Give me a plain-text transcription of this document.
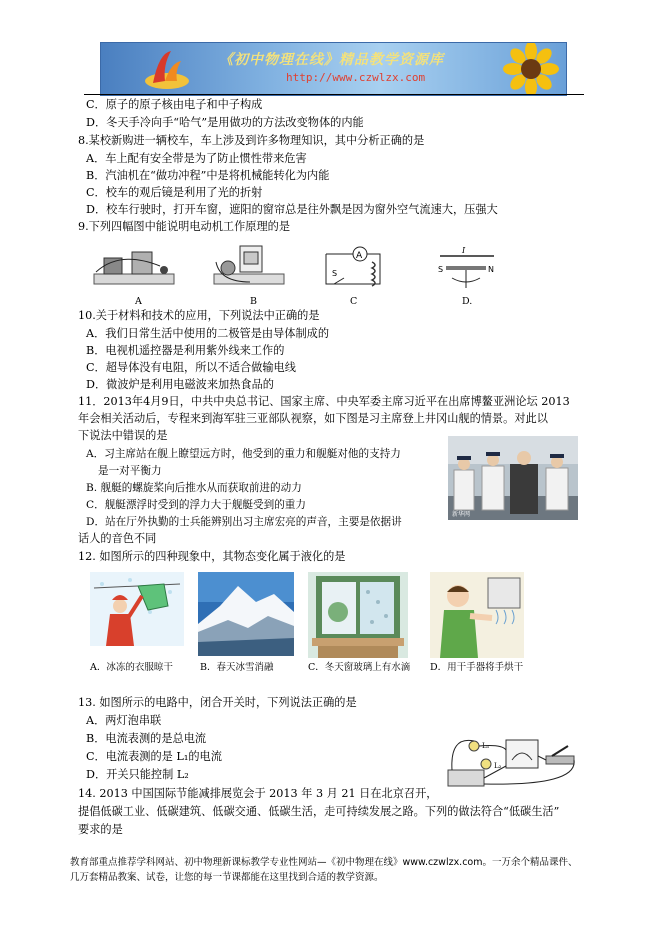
《初中物理在线》精品教学资源库
http://www.czwlzx.com
C．原子的原子核由电子和中子构成
D．冬天手冷向手“哈气”是用做功的方法改变物体的内能
8.某校新购进一辆校车，车上涉及到许多物理知识，其中分析正确的是
A．车上配有安全带是为了防止惯性带来危害
B．汽油机在“做功冲程”中是将机械能转化为内能
C．校车的观后镜是利用了光的折射
D．校车行驶时，打开车窗，遮阳的窗帘总是往外飘是因为窗外空气流速大，压强大
9.下列四幅图中能说明电动机工作原理的是
A	B
A
S
C
I
S	N
D.
10.关于材料和技术的应用，下列说法中正确的是
A．我们日常生活中使用的二极管是由导体制成的
B．电视机遥控器是利用紫外线来工作的
C．超导体没有电阻，所以不适合做输电线
D．微波炉是利用电磁波来加热食品的
11．2013年4月9日，中共中央总书记、国家主席、中央军委主席习近平在出席博鳌亚洲论坛 2013
年会相关活动后，专程来到海军驻三亚部队视察，如下图是习主席登上井冈山舰的情景。对此以
下说法中错误的是
A．习主席站在舰上瞭望远方时，他受到的重力和舰艇对他的支持力
是一对平衡力
B. 舰艇的螺旋桨向后推水从而获取前进的动力
C．舰艇漂浮时受到的浮力大于舰艇受到的重力
D．站在厅外执勤的士兵能辨别出习主席宏亮的声音，主要是依据讲
话人的音色不同
新华网
12. 如图所示的四种现象中，其物态变化属于液化的是
A．冰冻的衣服晾干	B．春天冰雪消融	C．冬天窗玻璃上有水滴 D．用干手器将手烘干
13. 如图所示的电路中，闭合开关时，下列说法正确的是
A．两灯泡串联
B．电流表测的是总电流
C．电流表测的是 L₁的电流
D．开关只能控制 L₂
L₁
L₂
14. 2013 中国国际节能减排展览会于 2013 年 3 月 21 日在北京召开，
提倡低碳工业、低碳建筑、低碳交通、低碳生活，走可持续发展之路。下列的做法符合“低碳生活”
要求的是
教育部重点推荐学科网站、初中物理新课标教学专业性网站—《初中物理在线》www.czwlzx.com。一万余个精品课件、
几万套精品教案、试卷，让您的每一节课都能在这里找到合适的教学资源。
